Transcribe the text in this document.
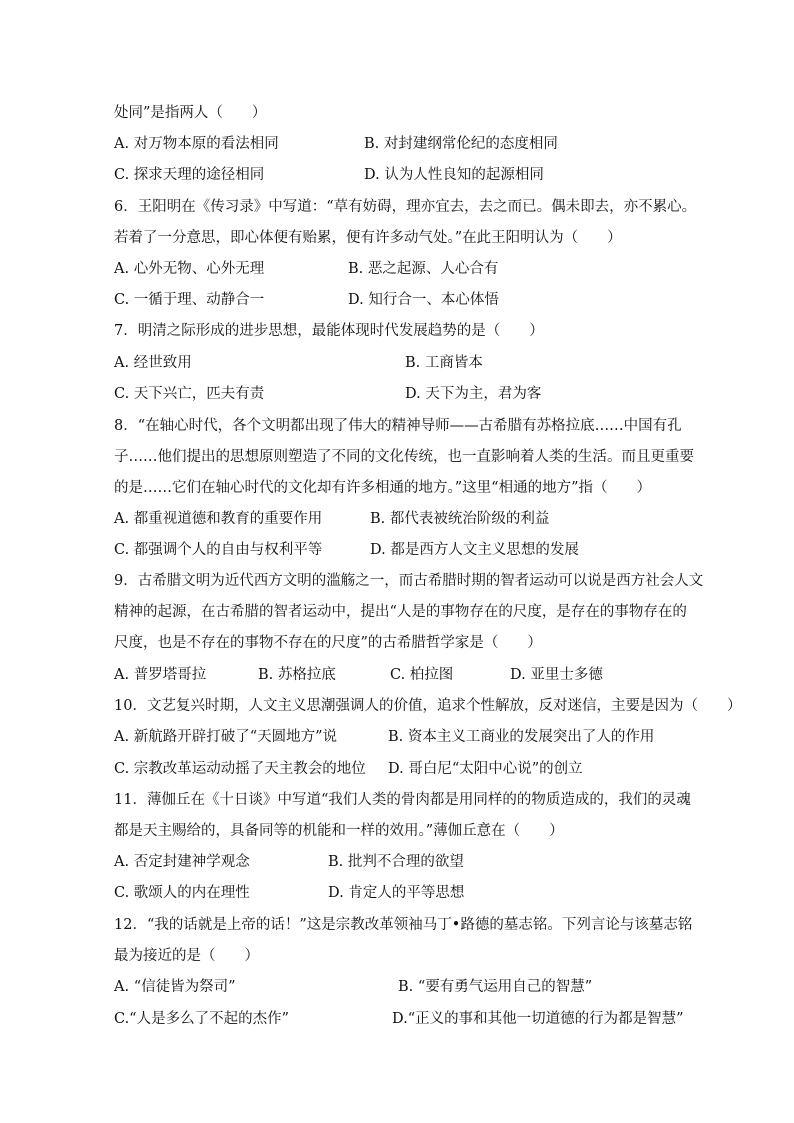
处同”是指两人（　　）
A. 对万物本原的看法相同	B. 对封建纲常伦纪的态度相同
C. 探求天理的途径相同	D. 认为人性良知的起源相同
6．王阳明在《传习录》中写道：“草有妨碍，理亦宜去，去之而已。偶未即去，亦不累心。
若着了一分意思，即心体便有贻累，便有许多动气处。”在此王阳明认为（　　）
A. 心外无物、心外无理	B. 恶之起源、人心合有
C. 一循于理、动静合一	D. 知行合一、本心体悟
7．明清之际形成的进步思想，最能体现时代发展趋势的是（　　）
A. 经世致用	B. 工商皆本
C. 天下兴亡，匹夫有责	D. 天下为主，君为客
8．“在轴心时代，各个文明都出现了伟大的精神导师——古希腊有苏格拉底……中国有孔
子……他们提出的思想原则塑造了不同的文化传统，也一直影响着人类的生活。而且更重要
的是……它们在轴心时代的文化却有许多相通的地方。”这里“相通的地方”指（　　）
A. 都重视道德和教育的重要作用	B. 都代表被统治阶级的利益
C. 都强调个人的自由与权利平等	D. 都是西方人文主义思想的发展
9．古希腊文明为近代西方文明的滥觞之一，而古希腊时期的智者运动可以说是西方社会人文
精神的起源，在古希腊的智者运动中，提出“人是的事物存在的尺度，是存在的事物存在的
尺度，也是不存在的事物不存在的尺度”的古希腊哲学家是（　　）
A. 普罗塔哥拉	B. 苏格拉底	C. 柏拉图	D. 亚里士多德
10．文艺复兴时期，人文主义思潮强调人的价值，追求个性解放，反对迷信，主要是因为（　　）
A. 新航路开辟打破了“天圆地方”说	B. 资本主义工商业的发展突出了人的作用
C. 宗教改革运动动摇了天主教会的地位 D. 哥白尼“太阳中心说”的创立
11．薄伽丘在《十日谈》中写道“我们人类的骨肉都是用同样的的物质造成的，我们的灵魂
都是天主赐给的，具备同等的机能和一样的效用。”薄伽丘意在（　　）
A. 否定封建神学观念	B. 批判不合理的欲望
C. 歌颂人的内在理性	D. 肯定人的平等思想
12．“我的话就是上帝的话！”这是宗教改革领袖马丁•路德的墓志铭。下列言论与该墓志铭
最为接近的是（　　）
A. “信徒皆为祭司”	B. “要有勇气运用自己的智慧”
C.“人是多么了不起的杰作”	D.“正义的事和其他一切道德的行为都是智慧”
